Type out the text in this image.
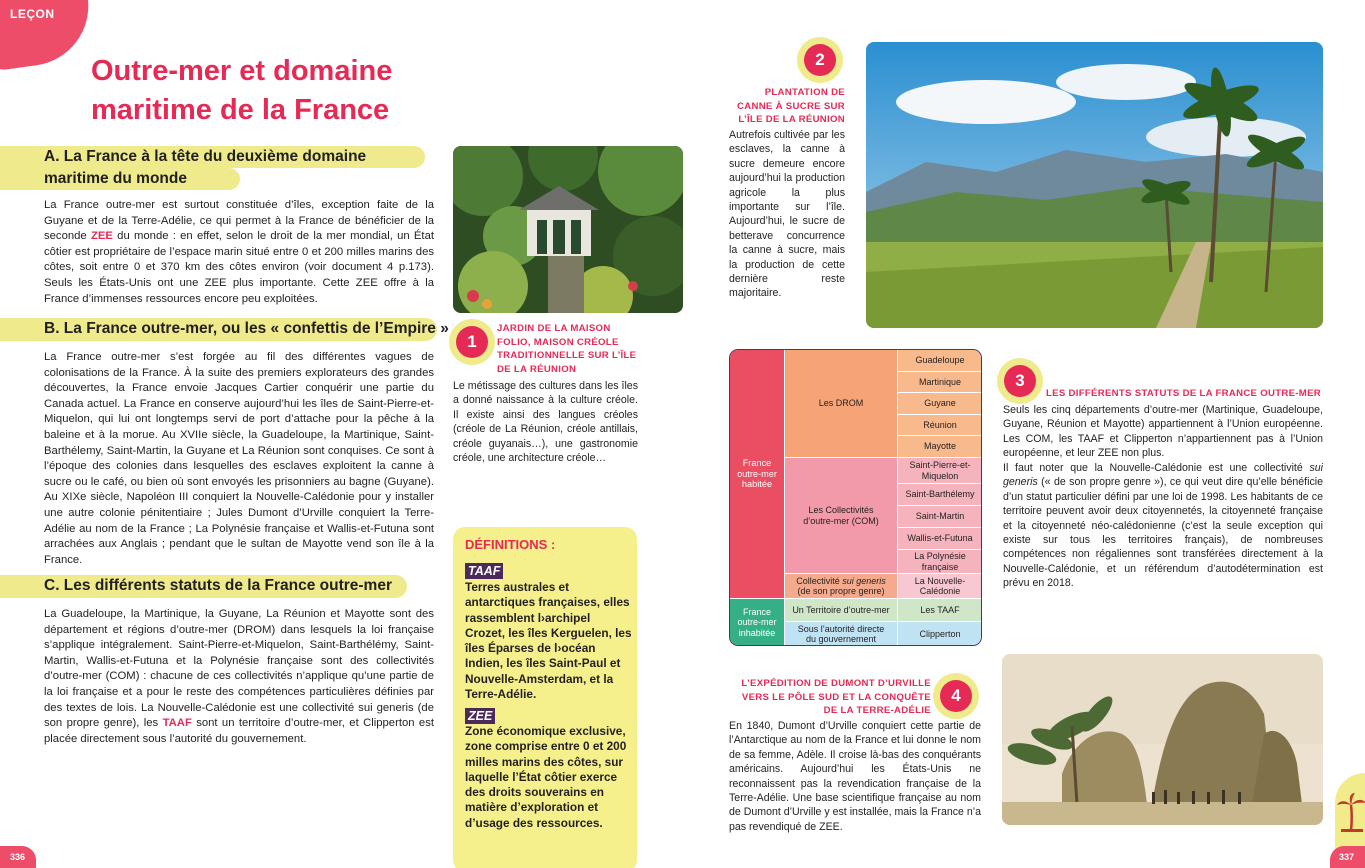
LEÇON
Outre-mer et domaine maritime de la France
A. La France à la tête du deuxième domaine
maritime du monde

La France outre-mer est surtout constituée d’îles, exception faite de la Guyane et de la Terre-Adélie, ce qui permet à la France de bénéficier de la seconde ZEE du monde : en effet, selon le droit de la mer mondial, un État côtier est propriétaire de l’espace marin situé entre 0 et 200 milles marins des côtes, soit entre 0 et 370 km des côtes environ (voir document 4 p.173). Seuls les États-Unis ont une ZEE plus importante. Cette ZEE offre à la France d’immenses ressources encore peu exploitées.

B. La France outre-mer, ou les « confettis de l’Empire »

La France outre-mer s’est forgée au fil des différentes vagues de colonisations de la France. À la suite des premiers explorateurs des grandes découvertes, la France envoie Jacques Cartier conquérir une partie du Canada actuel. La France en conserve aujourd’hui les îles de Saint-Pierre-et-Miquelon, qui lui ont longtemps servi de port d’attache pour la pêche à la baleine et à la morue. Au XVIIe siècle, la Guadeloupe, la Martinique, Saint-Barthélemy, Saint-Martin, la Guyane et La Réunion sont conquises. Ce sont à l’époque des colonies dans lesquelles des esclaves exploitent la canne à sucre ou le café, ou bien où sont envoyés les prisonniers au bagne (Guyane). Au XIXe siècle, Napoléon III conquiert la Nouvelle-Calédonie pour y installer une autre colonie pénitentiaire ; Jules Dumont d’Urville conquiert la Terre-Adélie au nom de la France ; La Polynésie française et Wallis-et-Futuna sont arrachées aux Anglais ; pendant que le sultan de Mayotte vend son île à la France.

C. Les différents statuts de la France outre-mer

La Guadeloupe, la Martinique, la Guyane, La Réunion et Mayotte sont des département et régions d’outre-mer (DROM) dans lesquels la loi française s’applique intégralement. Saint-Pierre-et-Miquelon, Saint-Barthélémy, Saint-Martin, Wallis-et-Futuna et la Polynésie française sont des collectivités d’outre-mer (COM) : chacune de ces collectivités n’applique qu’une partie de la loi française et a pour le reste des compétences particulières définies par des textes de lois. La Nouvelle-Calédonie est une collectivité sui generis (de son propre genre), les TAAF sont un territoire d’outre-mer, et Clipperton est placée directement sous l’autorité du gouvernement.

1
JARDIN DE LA MAISON FOLIO, MAISON CRÉOLE TRADITIONNELLE SUR L’ÎLE DE LA RÉUNION
Le métissage des cultures dans les îles a donné naissance à la culture créole. Il existe ainsi des langues créoles (créole de La Réunion, créole antillais, créole guyanais…), une gastronomie créole, une architecture créole…
DÉFINITIONS :
TAAF
Terres australes et antarctiques françaises, elles rassemblent l›archipel Crozet, les îles Kerguelen, les îles Éparses de l›océan Indien, les îles Saint-Paul et Nouvelle-Amsterdam, et la Terre-Adélie.
ZEE
Zone économique exclusive, zone comprise entre 0 et 200 milles marins des côtes, sur laquelle l’État côtier exerce des droits souverains en matière d’exploration et d’usage des ressources.
2
PLANTATION DE CANNE À SUCRE SUR L’ÎLE DE LA RÉUNION
Autrefois cultivée par les esclaves, la canne à sucre demeure encore aujourd’hui la production agricole la plus importante sur l’île. Aujourd’hui, le sucre de betterave concurrence la canne à sucre, mais la production de cette dernière reste majoritaire.
France outre-mer habitée
France outre-mer inhabitée
Les DROM
Guadeloupe
Martinique
Guyane
Réunion
Mayotte
Les Collectivités
d’outre-mer (COM)
Saint-Pierre-et-Miquelon
Saint-Barthélemy
Saint-Martin
Wallis-et-Futuna
La Polynésie française
Collectivité sui generis
(de son propre genre)
La Nouvelle-Calédonie
Un Territoire d’outre-mer	Les TAAF
Sous l’autorité directe du gouvernement
Clipperton
3
LES DIFFÉRENTS STATUTS DE LA FRANCE OUTRE-MER
Seuls les cinq départements d’outre-mer (Martinique, Guadeloupe, Guyane, Réunion et Mayotte) appartiennent à l’Union européenne. Les COM, les TAAF et Clipperton n’appartiennent pas à l’Union européenne, et leur ZEE non plus.
Il faut noter que la Nouvelle-Calédonie est une collectivité sui generis (« de son propre genre »), ce qui veut dire qu’elle bénéficie d’un statut particulier défini par une loi de 1998. Les habitants de ce territoire peuvent avoir deux citoyennetés, la citoyenneté française et la citoyenneté néo-calédonienne (c’est la seule exception qui existe sur tous les territoires français), de nombreuses compétences non régaliennes sont transférées directement à la Nouvelle-Calédonie, et un référendum d’autodétermination est prévu en 2018.
L’EXPÉDITION DE DUMONT D’URVILLE VERS LE PÔLE SUD ET LA CONQUÊTE DE LA TERRE-ADÉLIE
4
En 1840, Dumont d’Urville conquiert cette partie de l’Antarctique au nom de la France et lui donne le nom de sa femme, Adèle. Il croise là-bas des conquérants américains. Aujourd’hui les États-Unis ne reconnaissent pas la revendication française de la Terre-Adélie. Une base scientifique française au nom de Dumont d’Urville y est installée, mais la France n’a pas revendiqué de ZEE.
336	337
